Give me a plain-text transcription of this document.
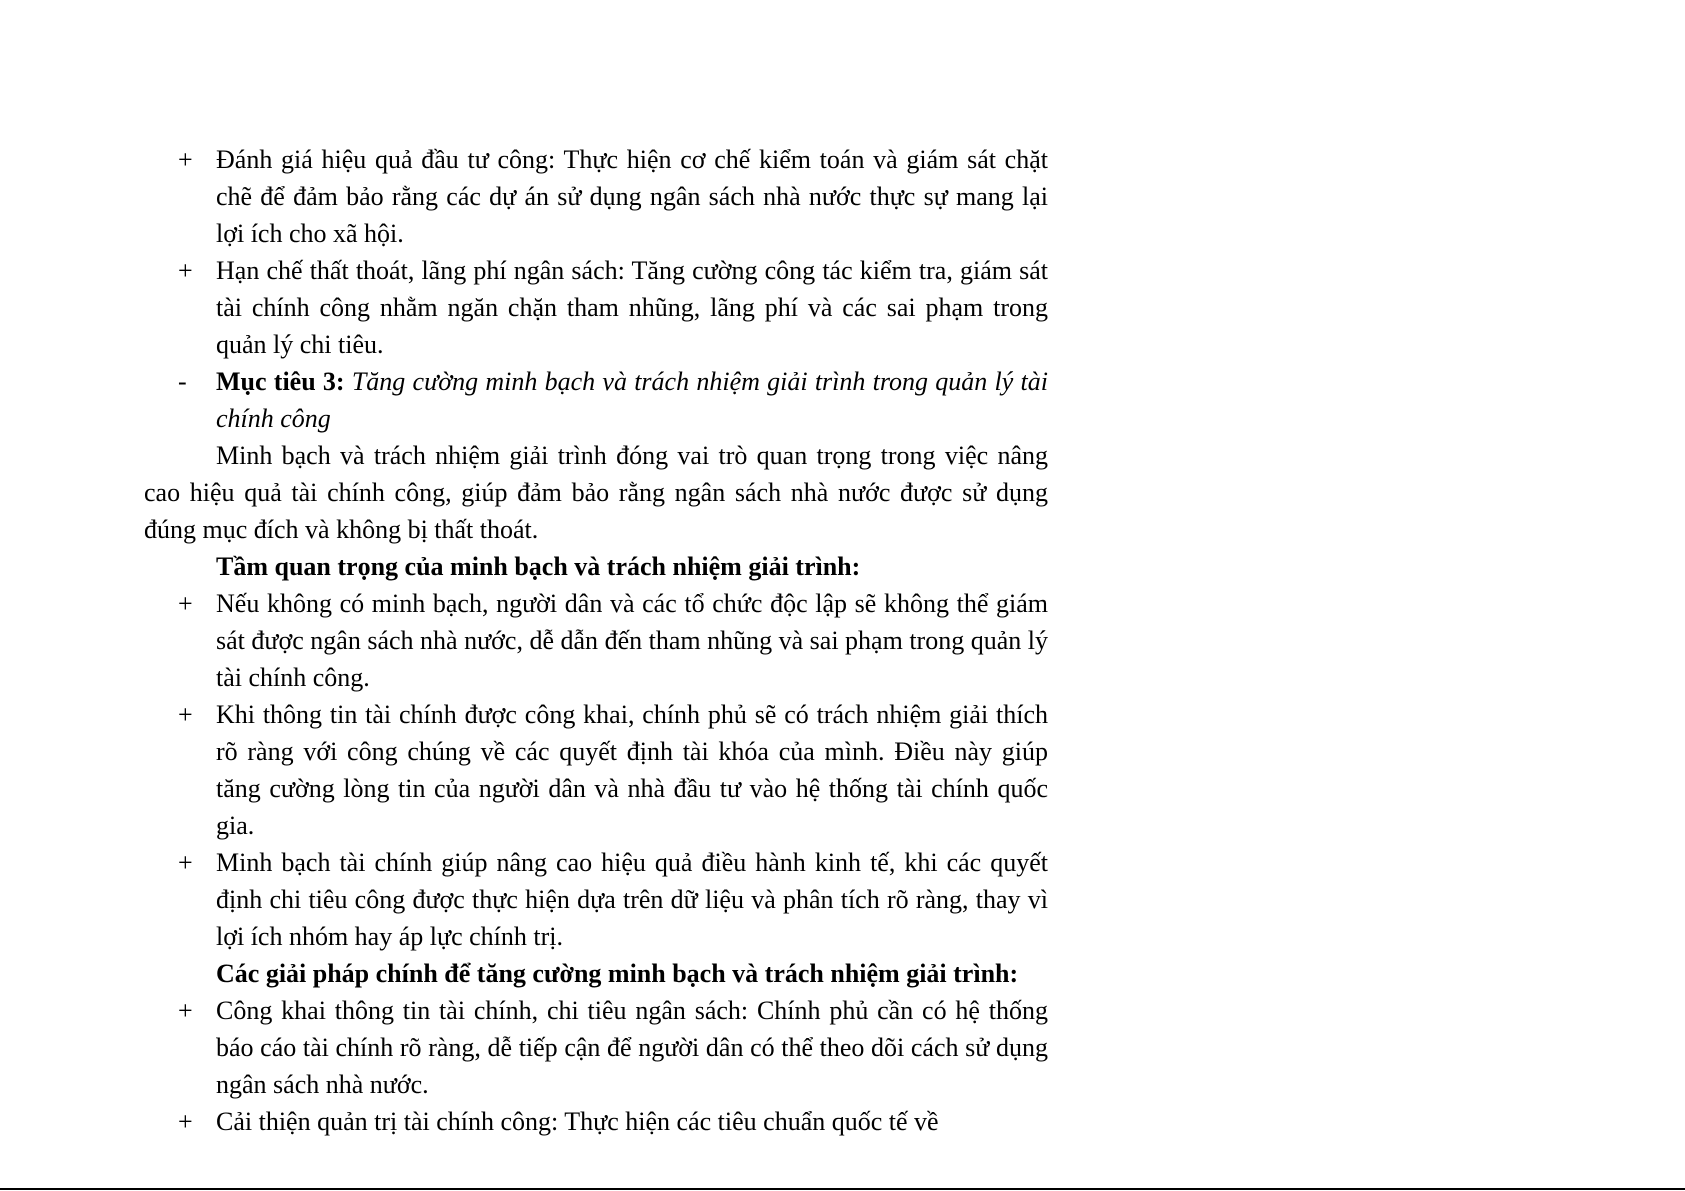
+ Đánh giá hiệu quả đầu tư công: Thực hiện cơ chế kiểm toán và giám sát chặt chẽ để đảm bảo rằng các dự án sử dụng ngân sách nhà nước thực sự mang lại lợi ích cho xã hội.
+ Hạn chế thất thoát, lãng phí ngân sách: Tăng cường công tác kiểm tra, giám sát tài chính công nhằm ngăn chặn tham nhũng, lãng phí và các sai phạm trong quản lý chi tiêu.
-	Mục tiêu 3: Tăng cường minh bạch và trách nhiệm giải trình trong quản lý tài chính công
Minh bạch và trách nhiệm giải trình đóng vai trò quan trọng trong việc nâng cao hiệu quả tài chính công, giúp đảm bảo rằng ngân sách nhà nước được sử dụng đúng mục đích và không bị thất thoát.
Tầm quan trọng của minh bạch và trách nhiệm giải trình:
+ Nếu không có minh bạch, người dân và các tổ chức độc lập sẽ không thể giám sát được ngân sách nhà nước, dễ dẫn đến tham nhũng và sai phạm trong quản lý tài chính công.
+ Khi thông tin tài chính được công khai, chính phủ sẽ có trách nhiệm giải thích rõ ràng với công chúng về các quyết định tài khóa của mình. Điều này giúp tăng cường lòng tin của người dân và nhà đầu tư vào hệ thống tài chính quốc gia.
+ Minh bạch tài chính giúp nâng cao hiệu quả điều hành kinh tế, khi các quyết định chi tiêu công được thực hiện dựa trên dữ liệu và phân tích rõ ràng, thay vì lợi ích nhóm hay áp lực chính trị.
Các giải pháp chính để tăng cường minh bạch và trách nhiệm giải trình:
+ Công khai thông tin tài chính, chi tiêu ngân sách: Chính phủ cần có hệ thống báo cáo tài chính rõ ràng, dễ tiếp cận để người dân có thể theo dõi cách sử dụng ngân sách nhà nước.
+ Cải thiện quản trị tài chính công: Thực hiện các tiêu chuẩn quốc tế về
